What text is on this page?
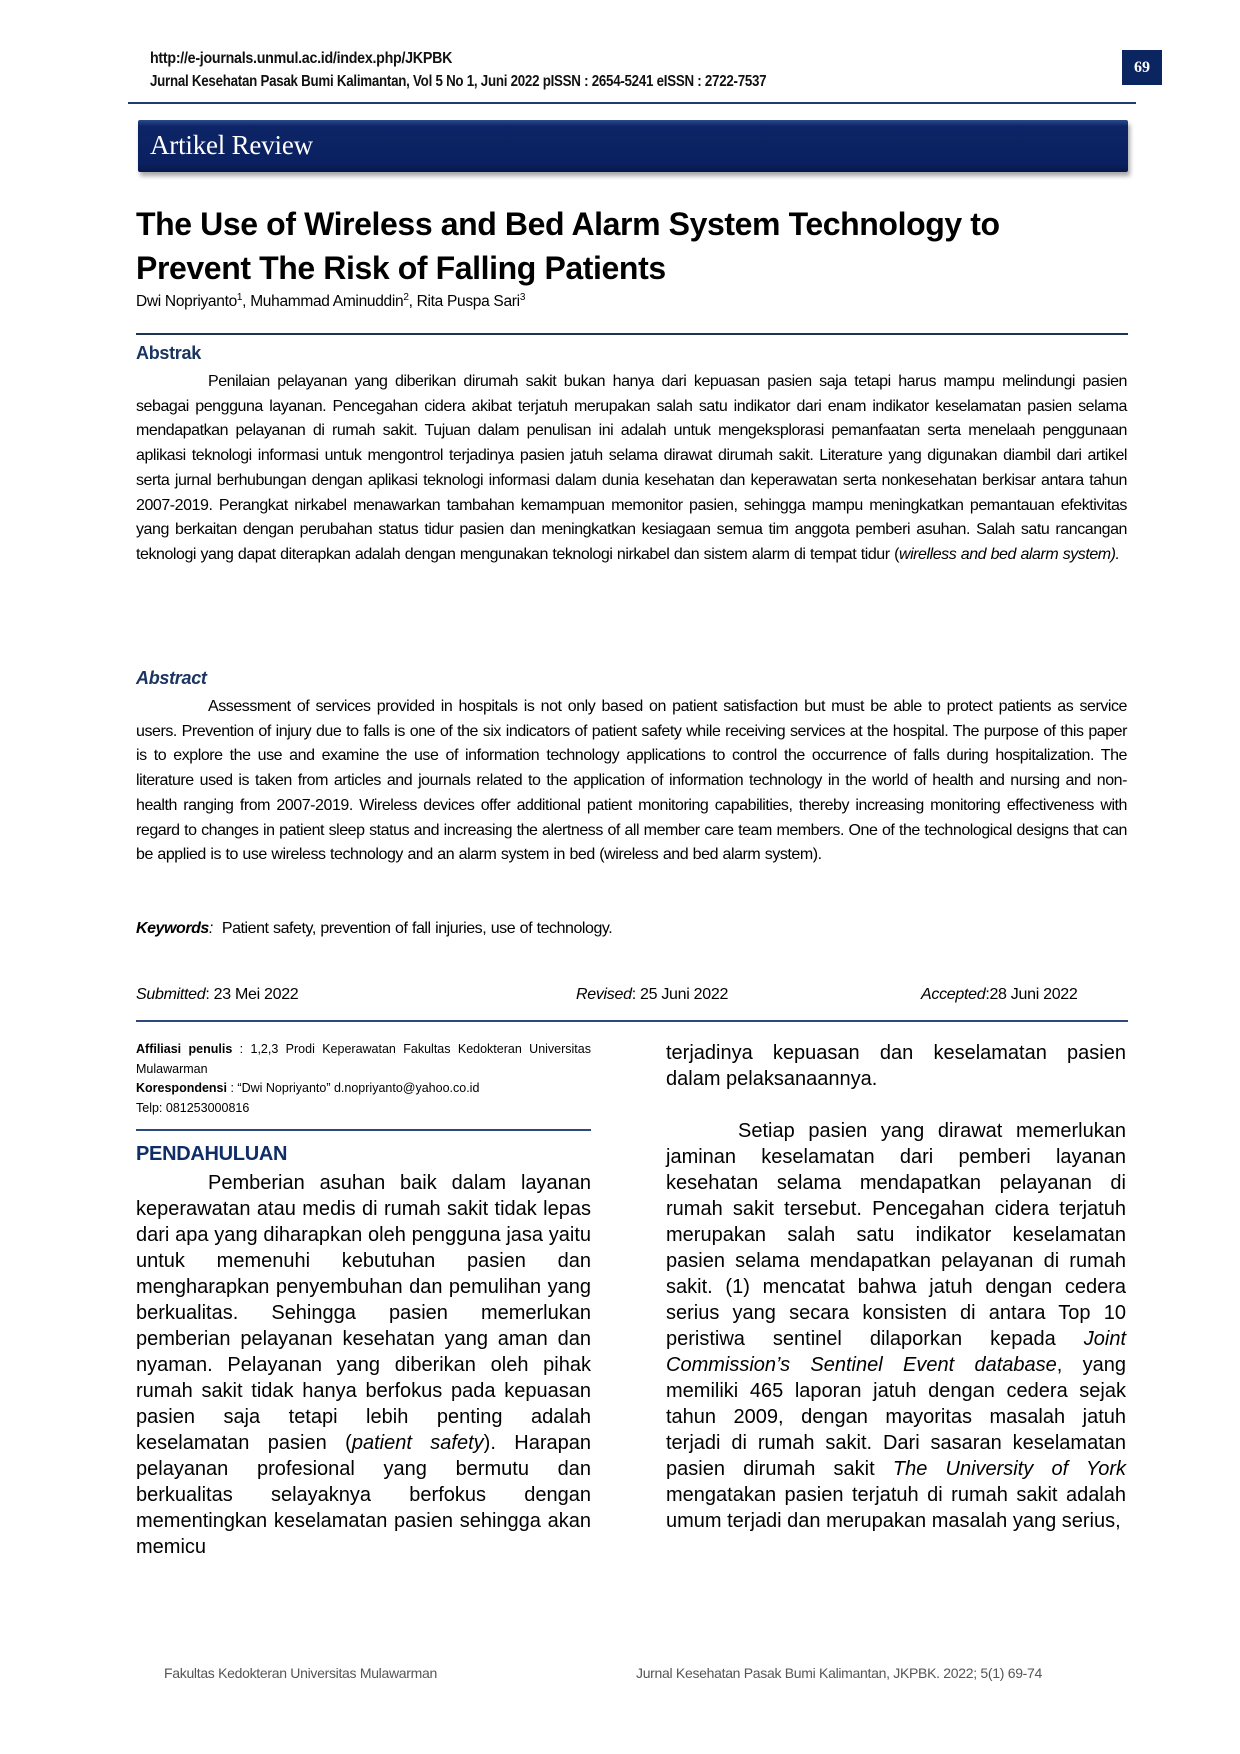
http://e-journals.unmul.ac.id/index.php/JKPBK
Jurnal Kesehatan Pasak Bumi Kalimantan, Vol 5 No 1, Juni 2022 pISSN : 2654-5241 eISSN : 2722-7537
69
Artikel Review
The Use of Wireless and Bed Alarm System Technology to Prevent The Risk of Falling Patients
Dwi Nopriyanto$^1$, Muhammad Aminuddin$^2$, Rita Puspa Sari$^3$
Abstrak
Penilaian pelayanan yang diberikan dirumah sakit bukan hanya dari kepuasan pasien saja tetapi harus mampu melindungi pasien sebagai pengguna layanan. Pencegahan cidera akibat terjatuh merupakan salah satu indikator dari enam indikator keselamatan pasien selama mendapatkan pelayanan di rumah sakit. Tujuan dalam penulisan ini adalah untuk mengeksplorasi pemanfaatan serta menelaah penggunaan aplikasi teknologi informasi untuk mengontrol terjadinya pasien jatuh selama dirawat dirumah sakit. Literature yang digunakan diambil dari artikel serta jurnal berhubungan dengan aplikasi teknologi informasi dalam dunia kesehatan dan keperawatan serta nonkesehatan berkisar antara tahun 2007-2019. Perangkat nirkabel menawarkan tambahan kemampuan memonitor pasien, sehingga mampu meningkatkan pemantauan efektivitas yang berkaitan dengan perubahan status tidur pasien dan meningkatkan kesiagaan semua tim anggota pemberi asuhan. Salah satu rancangan teknologi yang dapat diterapkan adalah dengan mengunakan teknologi nirkabel dan sistem alarm di tempat tidur (wirelless and bed alarm system).
Abstract
Assessment of services provided in hospitals is not only based on patient satisfaction but must be able to protect patients as service users. Prevention of injury due to falls is one of the six indicators of patient safety while receiving services at the hospital. The purpose of this paper is to explore the use and examine the use of information technology applications to control the occurrence of falls during hospitalization. The literature used is taken from articles and journals related to the application of information technology in the world of health and nursing and non-health ranging from 2007-2019. Wireless devices offer additional patient monitoring capabilities, thereby increasing monitoring effectiveness with regard to changes in patient sleep status and increasing the alertness of all member care team members. One of the technological designs that can be applied is to use wireless technology and an alarm system in bed (wireless and bed alarm system).
Keywords: Patient safety, prevention of fall injuries, use of technology.
Submitted: 23 Mei 2022	Revised: 25 Juni 2022	Accepted:28 Juni 2022
Affiliasi penulis : 1,2,3 Prodi Keperawatan Fakultas Kedokteran Universitas Mulawarman
Korespondensi : “Dwi Nopriyanto” d.nopriyanto@yahoo.co.id
Telp: 081253000816
PENDAHULUAN

Pemberian asuhan baik dalam layanan keperawatan atau medis di rumah sakit tidak lepas dari apa yang diharapkan oleh pengguna jasa yaitu untuk memenuhi kebutuhan pasien dan mengharapkan penyembuhan dan pemulihan yang berkualitas. Sehingga pasien memerlukan pemberian pelayanan kesehatan yang aman dan nyaman. Pelayanan yang diberikan oleh pihak rumah sakit tidak hanya berfokus pada kepuasan pasien saja tetapi lebih penting adalah keselamatan pasien (patient safety). Harapan pelayanan profesional yang bermutu dan berkualitas selayaknya berfokus dengan mementingkan keselamatan pasien sehingga akan memicu

terjadinya kepuasan dan keselamatan pasien dalam pelaksanaannya.

Setiap pasien yang dirawat memerlukan jaminan keselamatan dari pemberi layanan kesehatan selama mendapatkan pelayanan di rumah sakit tersebut. Pencegahan cidera terjatuh merupakan salah satu indikator keselamatan pasien selama mendapatkan pelayanan di rumah sakit. (1) mencatat bahwa jatuh dengan cedera serius yang secara konsisten di antara Top 10 peristiwa sentinel dilaporkan kepada Joint Commission’s Sentinel Event database, yang memiliki 465 laporan jatuh dengan cedera sejak tahun 2009, dengan mayoritas masalah jatuh terjadi di rumah sakit. Dari sasaran keselamatan pasien dirumah sakit The University of York mengatakan pasien terjatuh di rumah sakit adalah umum terjadi dan merupakan masalah yang serius,

Fakultas Kedokteran Universitas Mulawarman	Jurnal Kesehatan Pasak Bumi Kalimantan, JKPBK. 2022; 5(1) 69-74
